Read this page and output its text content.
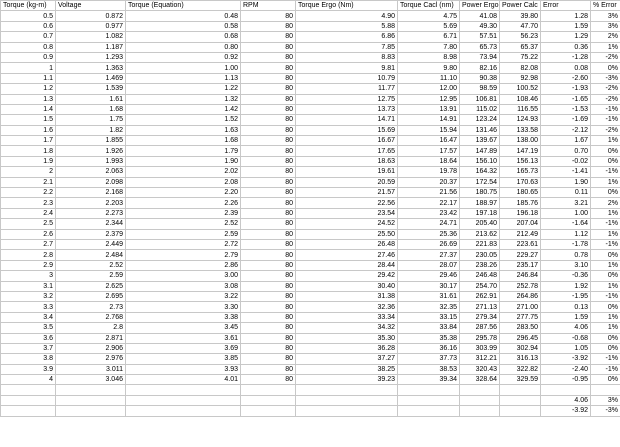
Torque (kg-m)	Voltage	Torque (Equation)	RPM	Torque Ergo (Nm)	Torque Cacl (nm)	Power Ergo	Power Calc	Error	% Error
0.5	0.872	0.48	80	4.90	4.75	41.08	39.80	1.28	3%
0.6	0.977	0.58	80	5.88	5.69	49.30	47.70	1.59	3%
0.7	1.082	0.68	80	6.86	6.71	57.51	56.23	1.29	2%
0.8	1.187	0.80	80	7.85	7.80	65.73	65.37	0.36	1%
0.9	1.293	0.92	80	8.83	8.98	73.94	75.22	-1.28	-2%
1	1.363	1.00	80	9.81	9.80	82.16	82.08	0.08	0%
1.1	1.469	1.13	80	10.79	11.10	90.38	92.98	-2.60	-3%
1.2	1.539	1.22	80	11.77	12.00	98.59	100.52	-1.93	-2%
1.3	1.61	1.32	80	12.75	12.95	106.81	108.46	-1.65	-2%
1.4	1.68	1.42	80	13.73	13.91	115.02	116.55	-1.53	-1%
1.5	1.75	1.52	80	14.71	14.91	123.24	124.93	-1.69	-1%
1.6	1.82	1.63	80	15.69	15.94	131.46	133.58	-2.12	-2%
1.7	1.855	1.68	80	16.67	16.47	139.67	138.00	1.67	1%
1.8	1.926	1.79	80	17.65	17.57	147.89	147.19	0.70	0%
1.9	1.993	1.90	80	18.63	18.64	156.10	156.13	-0.02	0%
2	2.063	2.02	80	19.61	19.78	164.32	165.73	-1.41	-1%
2.1	2.098	2.08	80	20.59	20.37	172.54	170.63	1.90	1%
2.2	2.168	2.20	80	21.57	21.56	180.75	180.65	0.11	0%
2.3	2.203	2.26	80	22.56	22.17	188.97	185.76	3.21	2%
2.4	2.273	2.39	80	23.54	23.42	197.18	196.18	1.00	1%
2.5	2.344	2.52	80	24.52	24.71	205.40	207.04	-1.64	-1%
2.6	2.379	2.59	80	25.50	25.36	213.62	212.49	1.12	1%
2.7	2.449	2.72	80	26.48	26.69	221.83	223.61	-1.78	-1%
2.8	2.484	2.79	80	27.46	27.37	230.05	229.27	0.78	0%
2.9	2.52	2.86	80	28.44	28.07	238.26	235.17	3.10	1%
3	2.59	3.00	80	29.42	29.46	246.48	246.84	-0.36	0%
3.1	2.625	3.08	80	30.40	30.17	254.70	252.78	1.92	1%
3.2	2.695	3.22	80	31.38	31.61	262.91	264.86	-1.95	-1%
3.3	2.73	3.30	80	32.36	32.35	271.13	271.00	0.13	0%
3.4	2.768	3.38	80	33.34	33.15	279.34	277.75	1.59	1%
3.5	2.8	3.45	80	34.32	33.84	287.56	283.50	4.06	1%
3.6	2.871	3.61	80	35.30	35.38	295.78	296.45	-0.68	0%
3.7	2.906	3.69	80	36.28	36.16	303.99	302.94	1.05	0%
3.8	2.976	3.85	80	37.27	37.73	312.21	316.13	-3.92	-1%
3.9	3.011	3.93	80	38.25	38.53	320.43	322.82	-2.40	-1%
4	3.046	4.01	80	39.23	39.34	328.64	329.59	-0.95	0%

								4.06	3%
								-3.92	-3%
